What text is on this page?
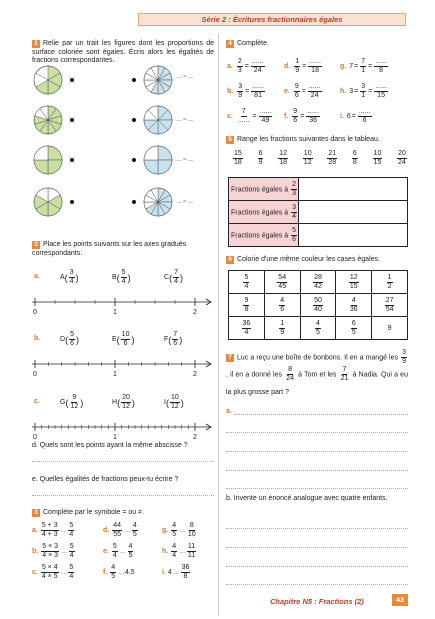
Série 2 : Écritures fractionnaires égales
1 Relie par un trait les figures dont les proportions de surface coloriée sont égales. Écris alors les égalités de fractions correspondantes.
..... = .....
..... = .....
..... = .....
..... = .....
2 Place les points suivants sur les axes gradués correspondants.
a.	A ( $\frac{3}{4}$ )	B ( $\frac{5}{4}$ )	C ( $\frac{7}{4}$ )
0	1	2
b.	D ( $\frac{5}{6}$ )	E ( $\frac{10}{6}$ )	F ( $\frac{7}{6}$ )
0	1	2
c.	G ( $\frac{9}{12}$ )	H ( $\frac{20}{12}$ )	I ( $\frac{10}{12}$ )
0	1	2
d. Quels sont les points ayant la même abscisse ?
e. Quelles égalités de fractions peux-tu écrire ?
3 Complète par le symbole = ou ≠.
a. $\frac{5 + 3}{4 + 3}$ .... $\frac{5}{4}$
b. $\frac{5 \times 3}{4 \times 3}$ .... $\frac{5}{4}$
c. $\frac{5 \times 4}{4 \times 5}$ .... $\frac{5}{4}$
d. $\frac{44}{55}$ .... $\frac{4}{5}$
e. $\frac{5}{4}$ .... $\frac{4}{5}$
f. $\frac{4}{5}$ .... 4,5
g. $\frac{4}{5}$ .... $\frac{8}{10}$
h. $\frac{4}{4}$ .... $\frac{11}{11}$
i. 4 .... $\frac{36}{8}$
4 Complète.
a. $\frac{2}{3} = \frac{......}{24}$	d. $\frac{1}{9} = \frac{......}{18}$	g. $7 = \frac{7}{1} = \frac{......}{8}$
b. $\frac{3}{9} = \frac{......}{81}$	e. $\frac{9}{6} = \frac{......}{24}$	h. $3 = \frac{3}{1} = \frac{......}{15}$
c. $\frac{7}{......} = \frac{......}{49} f$. $\frac{9}{6} = \frac{......}{36}$	i. $6 = \frac{......}{6}$
5 Range les fractions suivantes dans le tableau.
$\frac{15}{18} \frac{6}{9} \frac{12}{18} \frac{10}{12} \frac{21}{28} \frac{6}{8} \frac{10}{15} \frac{20}{24}$
Fractions égales à $\frac{2}{3}$

Fractions égales à $\frac{3}{4}$

Fractions égales à $\frac{5}{6}$

6 Colorie d'une même couleur les cases égales.
$\frac{5}{4}$	$\frac{54}{45}$	$\frac{28}{42}$	$\frac{12}{15}$	$\frac{1}{2}$

$\frac{9}{8}$	$\frac{4}{6}$	$\frac{50}{40}$	$\frac{4}{36}$	$\frac{27}{54}$

$\frac{36}{4}$	$\frac{1}{9}$	$\frac{4}{5}$	$\frac{6}{5}$	9
7 Luc a reçu une boîte de bonbons. Il en a mangé les $\frac{3}{9}$
, il en a donné les $\frac{8}{24}$ à Tom et les $\frac{7}{21}$ à Nadia. Qui a eu la plus grosse part ?
a.
b. Invente un énoncé analogue avec quatre enfants.
Chapitre N5 : Fractions (2)	43
